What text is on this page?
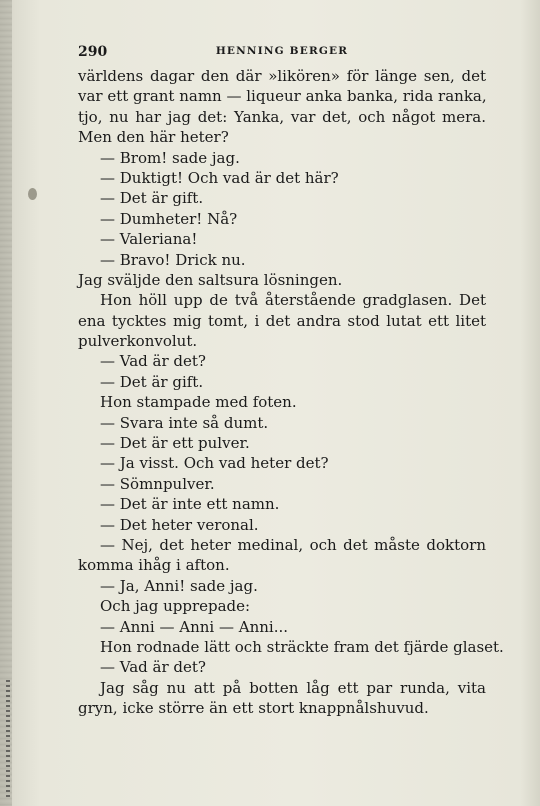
290	HENNING BERGER
världens dagar den där »likören» för länge sen, det
var ett grant namn — liqueur anka banka, rida ranka,
tjo, nu har jag det: Yanka, var det, och något mera.
Men den här heter?
— Brom! sade jag.
— Duktigt! Och vad är det här?
— Det är gift.
— Dumheter! Nå?
— Valeriana!
— Bravo! Drick nu.
Jag sväljde den saltsura lösningen.
Hon höll upp de två återstående gradglasen. Det
ena tycktes mig tomt, i det andra stod lutat ett litet
pulverkonvolut.
— Vad är det?
— Det är gift.
Hon stampade med foten.
— Svara inte så dumt.
— Det är ett pulver.
— Ja visst. Och vad heter det?
— Sömnpulver.
— Det är inte ett namn.
— Det heter veronal.
— Nej, det heter medinal, och det måste doktorn
komma ihåg i afton.
— Ja, Anni! sade jag.
Och jag upprepade:
— Anni — Anni — Anni...
Hon rodnade lätt och sträckte fram det fjärde glaset.
— Vad är det?
Jag såg nu att på botten låg ett par runda, vita
gryn, icke större än ett stort knappnålshuvud.
